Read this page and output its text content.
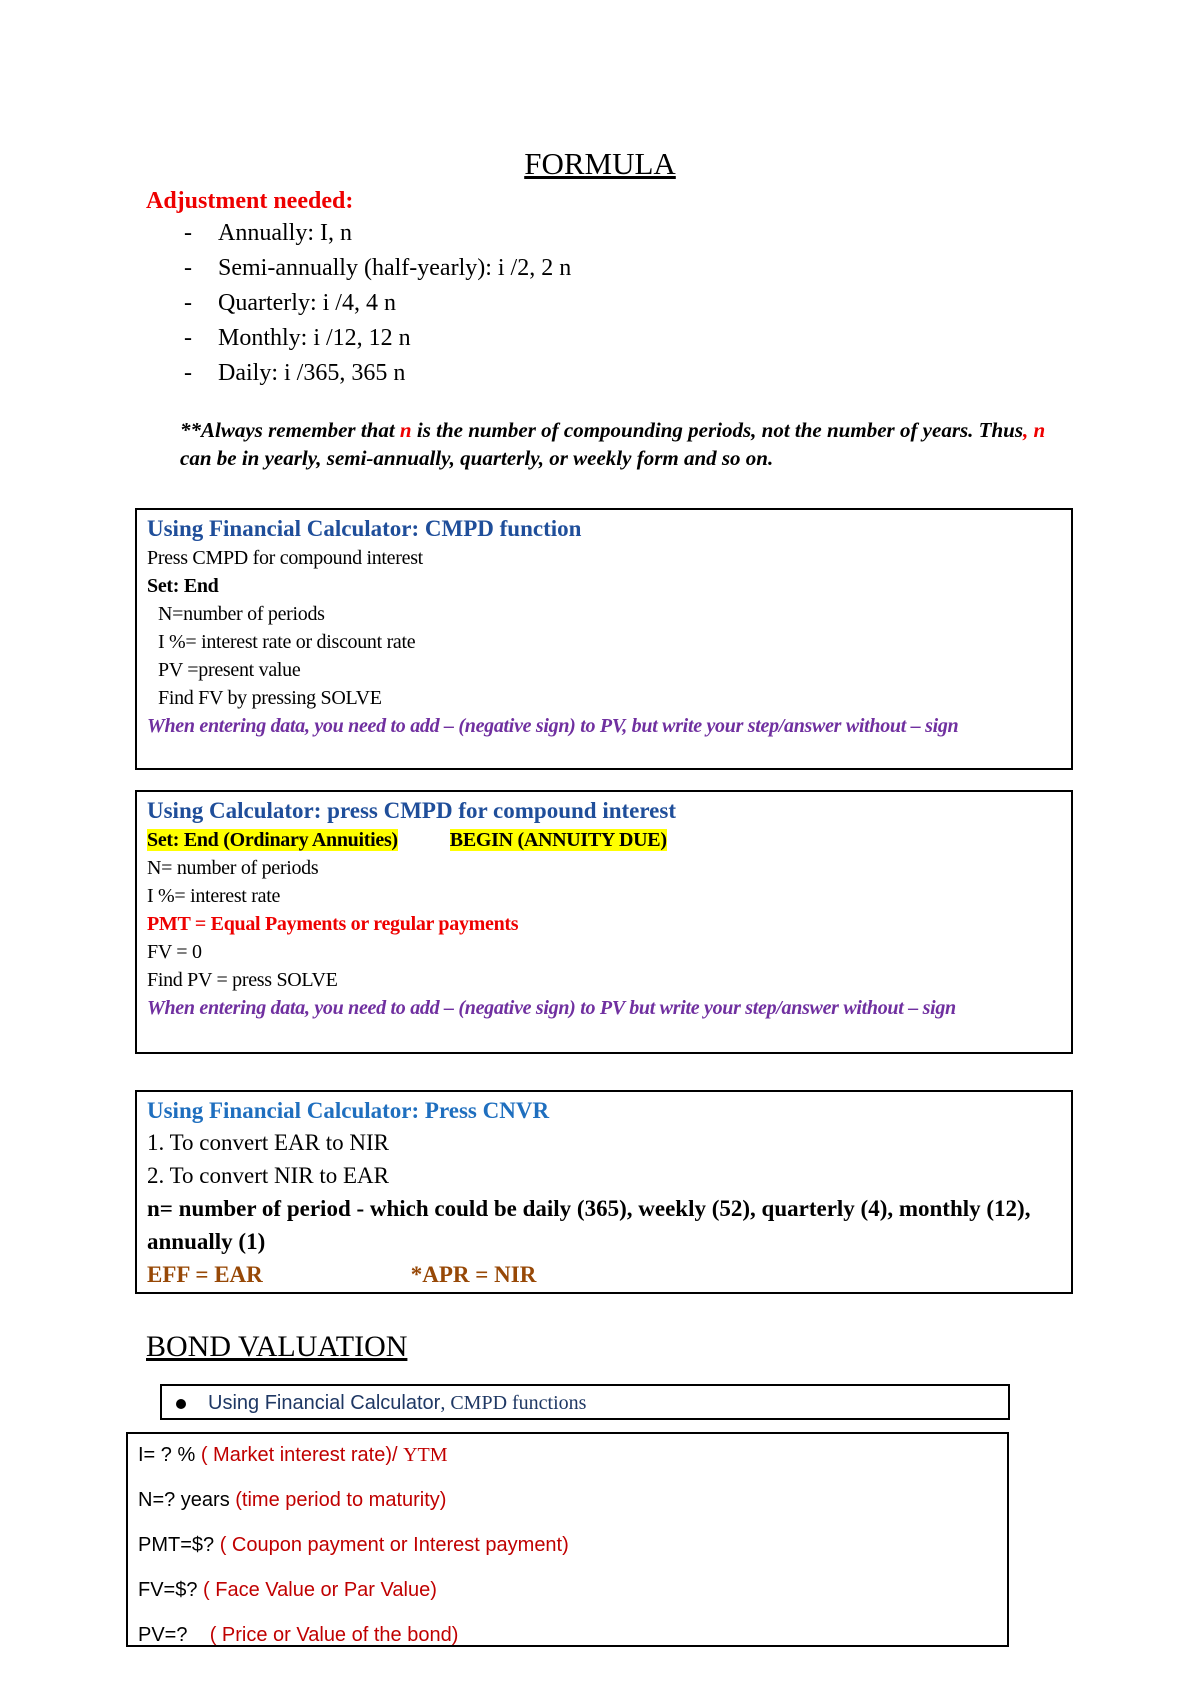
FORMULA
Adjustment needed:
- Annually: I, n
- Semi-annually (half-yearly): i /2, 2 n
- Quarterly: i /4, 4 n
- Monthly: i /12, 12 n
- Daily: i /365, 365 n
**Always remember that n is the number of compounding periods, not the number of years. Thus, n can be in yearly, semi-annually, quarterly, or weekly form and so on.
Using Financial Calculator: CMPD function
Press CMPD for compound interest
Set: End
N=number of periods
I %= interest rate or discount rate
PV =present value
Find FV by pressing SOLVE
When entering data, you need to add – (negative sign) to PV, but write your step/answer without – sign
Using Calculator: press CMPD for compound interest
Set: End (Ordinary Annuities)	BEGIN (ANNUITY DUE)
N= number of periods
I %= interest rate
PMT = Equal Payments or regular payments
FV = 0
Find PV = press SOLVE
When entering data, you need to add – (negative sign) to PV but write your step/answer without – sign
Using Financial Calculator: Press CNVR
1. To convert EAR to NIR
2. To convert NIR to EAR
n= number of period - which could be daily (365), weekly (52), quarterly (4), monthly (12), annually (1)
EFF = EAR	*APR = NIR
BOND VALUATION
Using Financial Calculator, CMPD functions
I= ? % ( Market interest rate)/ YTM
N=? years (time period to maturity)
PMT=$? ( Coupon payment or Interest payment)
FV=$? ( Face Value or Par Value)
PV=?    ( Price or Value of the bond)
